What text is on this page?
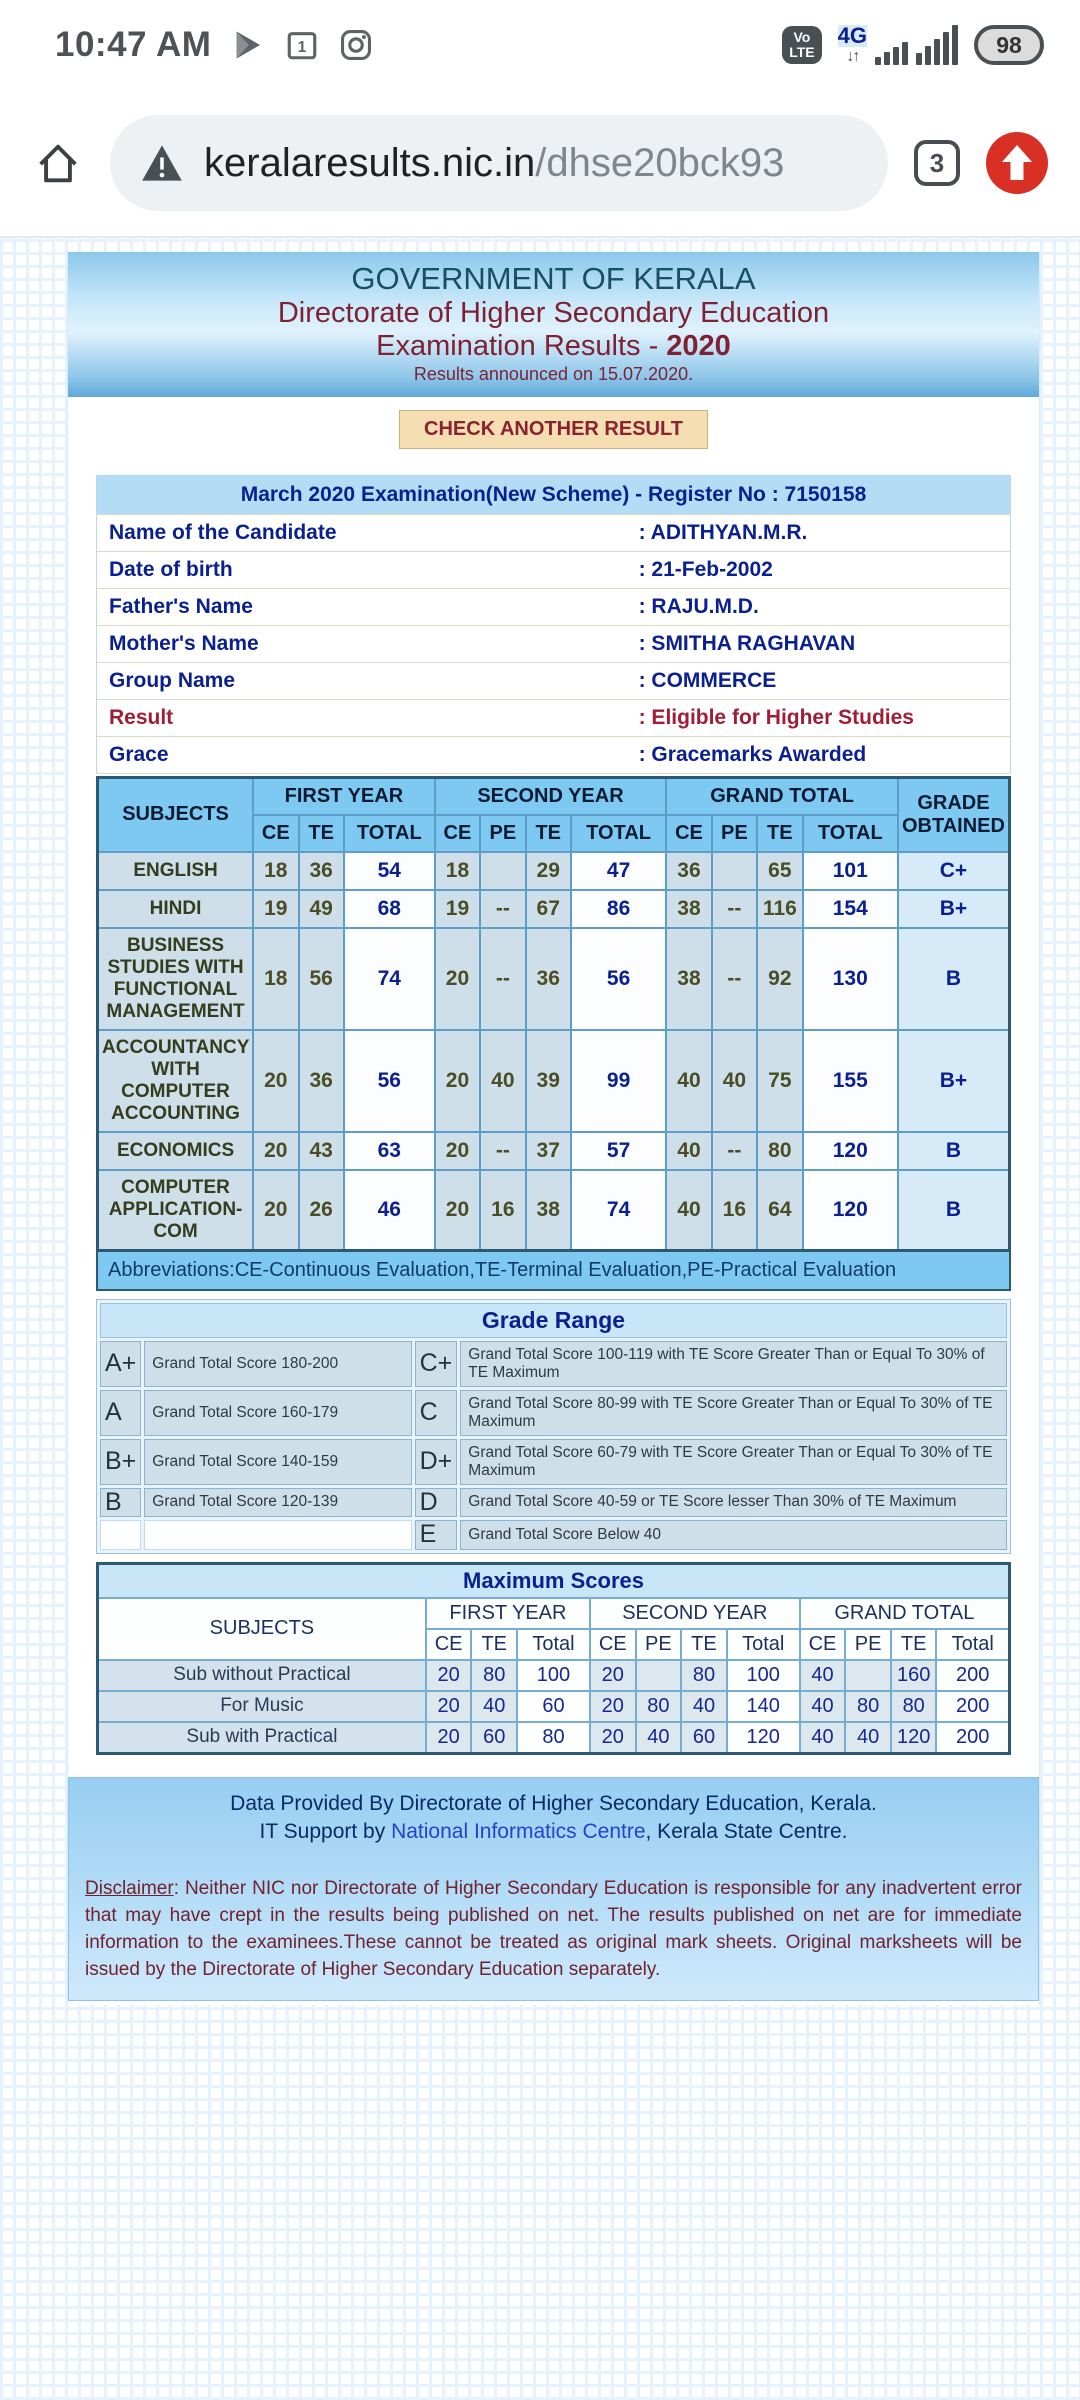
10:47 AM	1
Vo
LTE
4G
↓↑	98
keralaresults.nic.in/dhse20bck93	3
GOVERNMENT OF KERALA
Directorate of Higher Secondary Education
Examination Results - 2020
Results announced on 15.07.2020.
CHECK ANOTHER RESULT
March 2020 Examination(New Scheme) - Register No : 7150158	
Name of the Candidate	: ADITHYAN.M.R.
Date of birth	: 21-Feb-2002
Father's Name	: RAJU.M.D.
Mother's Name	: SMITHA RAGHAVAN
Group Name	: COMMERCE
Result	: Eligible for Higher Studies
Grace	: Gracemarks Awarded
SUBJECTS	FIRST YEAR			SECOND YEAR				GRAND TOTAL				GRADE OBTAINED
	CE	TE	TOTAL	CE	PE	TE	TOTAL	CE	PE	TE	TOTAL	
ENGLISH	18	36	54	18		29	47	36		65	101	C+
HINDI	19	49	68	19	--	67	86	38	--	116	154	B+
BUSINESS STUDIES WITH FUNCTIONAL MANAGEMENT	18	56	74	20	--	36	56	38	--	92	130	B
ACCOUNTANCY WITH COMPUTER ACCOUNTING	20	36	56	20	40	39	99	40	40	75	155	B+
ECONOMICS	20	43	63	20	--	37	57	40	--	80	120	B
COMPUTER APPLICATION-COM	20	26	46	20	16	38	74	40	16	64	120	B
Abbreviations:CE-Continuous Evaluation,TE-Terminal Evaluation,PE-Practical Evaluation
Grade Range			
A+	Grand Total Score 180-200	C+	Grand Total Score 100-119 with TE Score Greater Than or Equal To 30% of TE Maximum
A	Grand Total Score 160-179	C	Grand Total Score 80-99 with TE Score Greater Than or Equal To 30% of TE Maximum
B+	Grand Total Score 140-159	D+	Grand Total Score 60-79 with TE Score Greater Than or Equal To 30% of TE Maximum
B	Grand Total Score 120-139	D	Grand Total Score 40-59 or TE Score lesser Than 30% of TE Maximum
		E	Grand Total Score Below 40
Maximum Scores											
SUBJECTS	FIRST YEAR			SECOND YEAR				GRAND TOTAL			
	CE	TE	Total	CE	PE	TE	Total	CE	PE	TE	Total
Sub without Practical	20	80	100	20		80	100	40		160	200
For Music	20	40	60	20	80	40	140	40	80	80	200
Sub with Practical	20	60	80	20	40	60	120	40	40	120	200
Data Provided By Directorate of Higher Secondary Education, Kerala.
IT Support by National Informatics Centre, Kerala State Centre.
Disclaimer: Neither NIC nor Directorate of Higher Secondary Education is responsible for any inadvertent error that may have crept in the results being published on net. The results published on net are for immediate information to the examinees.These cannot be treated as original mark sheets. Original marksheets will be issued by the Directorate of Higher Secondary Education separately.
